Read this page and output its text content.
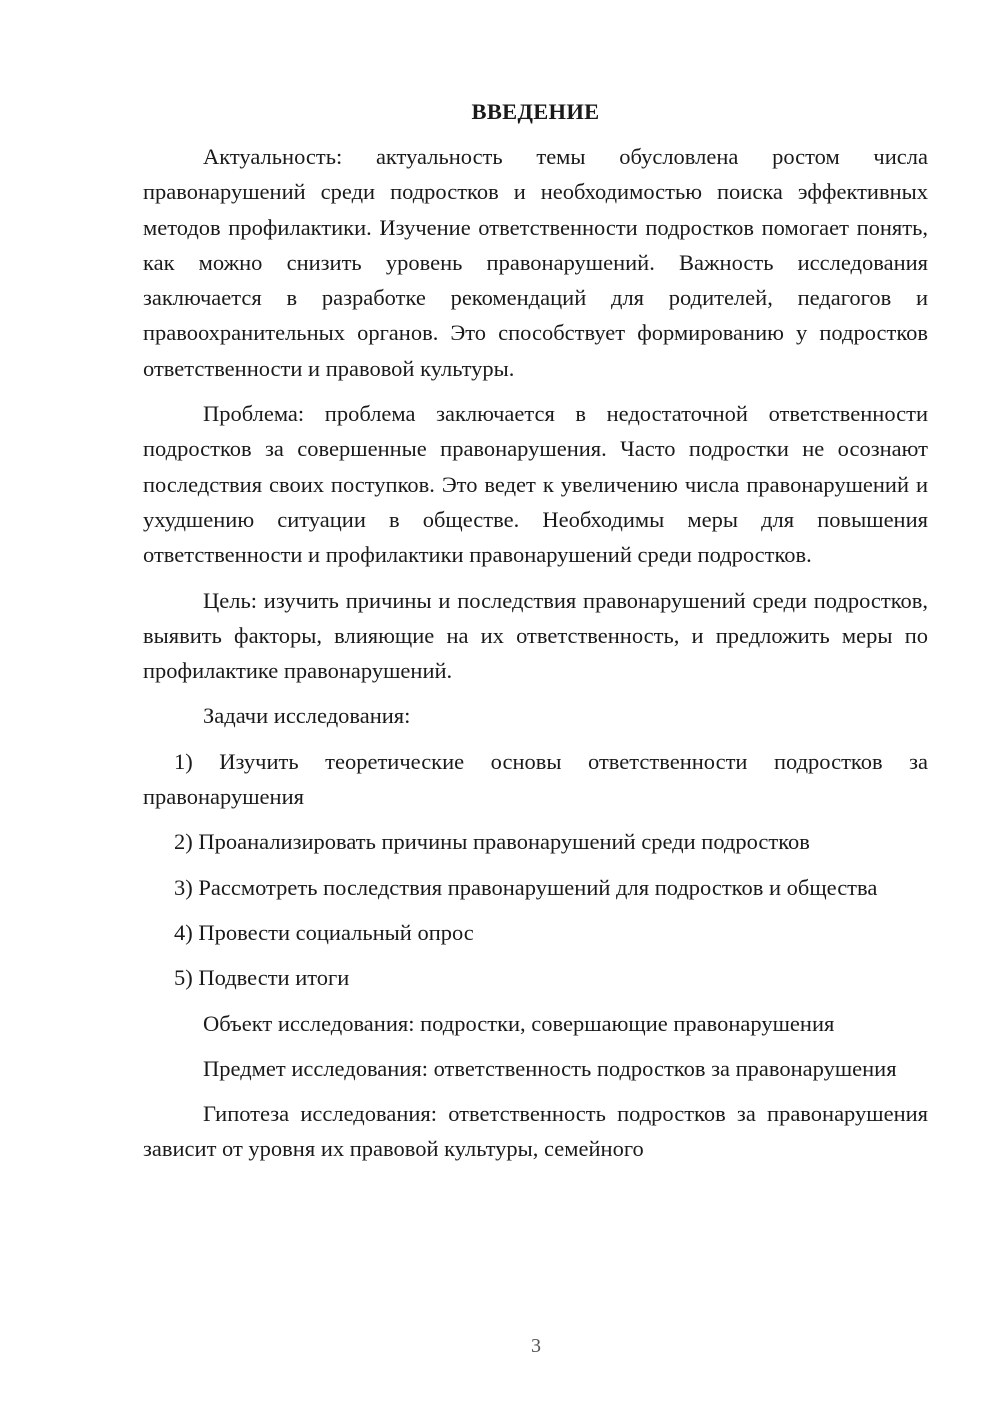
ВВЕДЕНИЕ

Актуальность: актуальность темы обусловлена ростом числа правонарушений среди подростков и необходимостью поиска эффективных методов профилактики. Изучение ответственности подростков помогает понять, как можно снизить уровень правонарушений. Важность исследования заключается в разработке рекомендаций для родителей, педагогов и правоохранительных органов. Это способствует формированию у подростков ответственности и правовой культуры.

Проблема: проблема заключается в недостаточной ответственности подростков за совершенные правонарушения. Часто подростки не осознают последствия своих поступков. Это ведет к увеличению числа правонарушений и ухудшению ситуации в обществе. Необходимы меры для повышения ответственности и профилактики правонарушений среди подростков.

Цель: изучить причины и последствия правонарушений среди подростков, выявить факторы, влияющие на их ответственность, и предложить меры по профилактике правонарушений.

Задачи исследования:

1) Изучить теоретические основы ответственности подростков за правонарушения

2) Проанализировать причины правонарушений среди подростков

3) Рассмотреть последствия правонарушений для подростков и общества

4) Провести социальный опрос

5) Подвести итоги

Объект исследования: подростки, совершающие правонарушения

Предмет исследования: ответственность подростков за правонарушения

Гипотеза исследования: ответственность подростков за правонарушения зависит от уровня их правовой культуры, семейного

3
